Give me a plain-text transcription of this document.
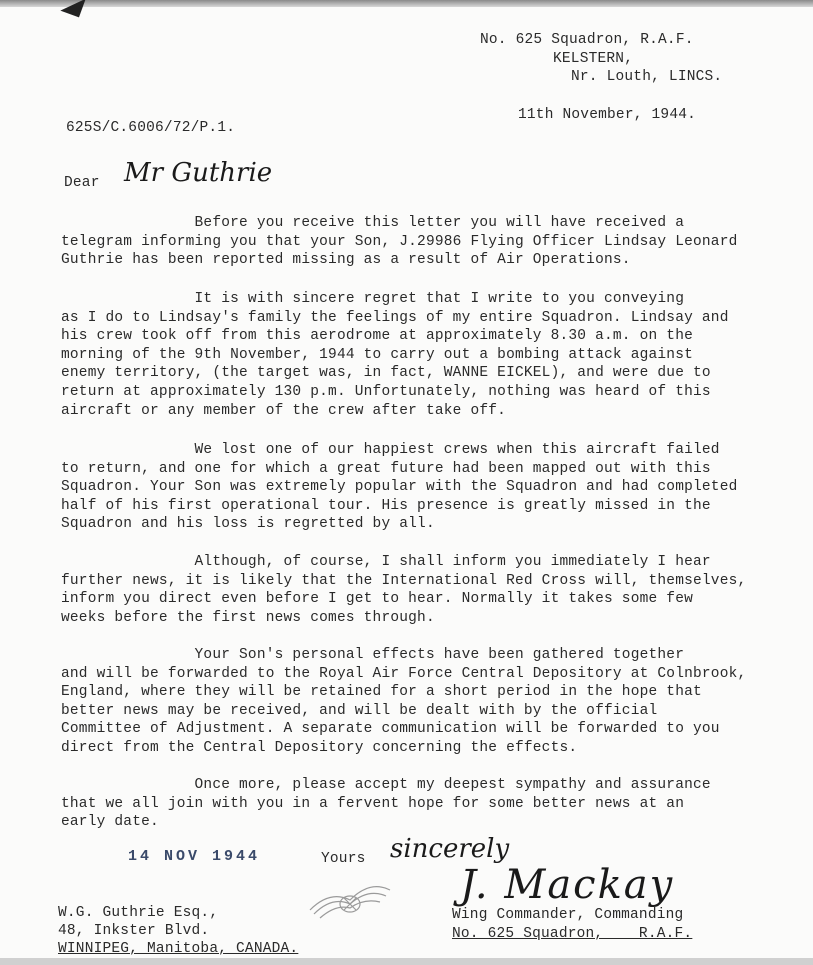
No. 625 Squadron, R.A.F.
KELSTERN,
Nr. Louth, LINCS.
11th November, 1944.
625S/C.6006/72/P.1.
Dear Mr Guthrie
Before you receive this letter you will have received a
telegram informing you that your Son, J.29986 Flying Officer Lindsay Leonard
Guthrie has been reported missing as a result of Air Operations.
It is with sincere regret that I write to you conveying
as I do to Lindsay's family the feelings of my entire Squadron. Lindsay and
his crew took off from this aerodrome at approximately 8.30 a.m. on the
morning of the 9th November, 1944 to carry out a bombing attack against
enemy territory, (the target was, in fact, WANNE EICKEL), and were due to
return at approximately 130 p.m. Unfortunately, nothing was heard of this
aircraft or any member of the crew after take off.
We lost one of our happiest crews when this aircraft failed
to return, and one for which a great future had been mapped out with this
Squadron. Your Son was extremely popular with the Squadron and had completed
half of his first operational tour. His presence is greatly missed in the
Squadron and his loss is regretted by all.
Although, of course, I shall inform you immediately I hear
further news, it is likely that the International Red Cross will, themselves,
inform you direct even before I get to hear. Normally it takes some few
weeks before the first news comes through.
Your Son's personal effects have been gathered together
and will be forwarded to the Royal Air Force Central Depository at Colnbrook,
England, where they will be retained for a short period in the hope that
better news may be received, and will be dealt with by the official
Committee of Adjustment. A separate communication will be forwarded to you
direct from the Central Depository concerning the effects.
Once more, please accept my deepest sympathy and assurance
that we all join with you in a fervent hope for some better news at an
early date.
14 NOV 1944	Yours sincerely
J. Mackay
W.G. Guthrie Esq.,
48, Inkster Blvd.
WINNIPEG, Manitoba, CANADA.
Wing Commander, Commanding
No. 625 Squadron,    R.A.F.
